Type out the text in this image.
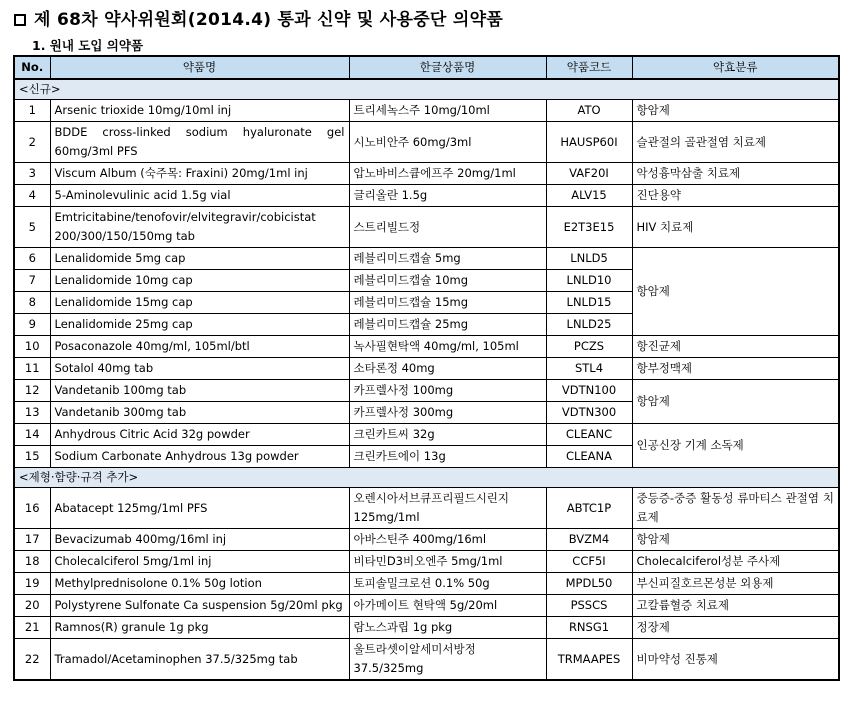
제 68차 약사위원회(2014.4) 통과 신약 및 사용중단 의약품
1. 원내 도입 의약품
No.	약품명	한글상품명	약품코드	약효분류
<신규>				
1	Arsenic trioxide 10mg/10ml inj	트리세녹스주 10mg/10ml	ATO	항암제
2	BDDE cross-linked sodium hyaluronate gel 60mg/3ml PFS	시노비안주 60mg/3ml	HAUSP60I	슬관절의 골관절염 치료제
3	Viscum Album (숙주목: Fraxini) 20mg/1ml inj	압노바비스큠에프주 20mg/1ml	VAF20I	악성흉막삼출 치료제
4	5-Aminolevulinic acid 1.5g vial	글리올란 1.5g	ALV15	진단용약
5	Emtricitabine/tenofovir/elvitegravir/cobicistat 200/300/150/150mg tab	스트리빌드정	E2T3E15	HIV 치료제
6	Lenalidomide 5mg cap	레블리미드캡슐 5mg	LNLD5	항암제
7	Lenalidomide 10mg cap	레블리미드캡슐 10mg	LNLD10	
8	Lenalidomide 15mg cap	레블리미드캡슐 15mg	LNLD15	
9	Lenalidomide 25mg cap	레블리미드캡슐 25mg	LNLD25	
10	Posaconazole 40mg/ml, 105ml/btl	녹사필현탁액 40mg/ml, 105ml	PCZS	항진균제
11	Sotalol 40mg tab	소타론정 40mg	STL4	항부정맥제
12	Vandetanib 100mg tab	카프렐사정 100mg	VDTN100	항암제
13	Vandetanib 300mg tab	카프렐사정 300mg	VDTN300	
14	Anhydrous Citric Acid 32g powder	크린카트씨 32g	CLEANC	인공신장 기계 소독제
15	Sodium Carbonate Anhydrous 13g powder	크린카트에이 13g	CLEANA	
<제형·함량·규격 추가>				
16	Abatacept 125mg/1ml PFS	오렌시아서브큐프리필드시린지 125mg/1ml	ABTC1P	중등증-중증 활동성 류마티스 관절염 치료제
17	Bevacizumab 400mg/16ml inj	아바스틴주 400mg/16ml	BVZM4	항암제
18	Cholecalciferol 5mg/1ml inj	비타민D3비오엔주 5mg/1ml	CCF5I	Cholecalciferol성분 주사제
19	Methylprednisolone 0.1% 50g lotion	토피솔밀크로션 0.1% 50g	MPDL50	부신피질호르몬성분 외용제
20	Polystyrene Sulfonate Ca suspension 5g/20ml pkg	아가메이트 현탁액 5g/20ml	PSSCS	고칼륨혈증 치료제
21	Ramnos(R) granule 1g pkg	람노스과립 1g pkg	RNSG1	정장제
22	Tramadol/Acetaminophen 37.5/325mg tab	울트라셋이알세미서방정 37.5/325mg	TRMAAPES	비마약성 진통제
